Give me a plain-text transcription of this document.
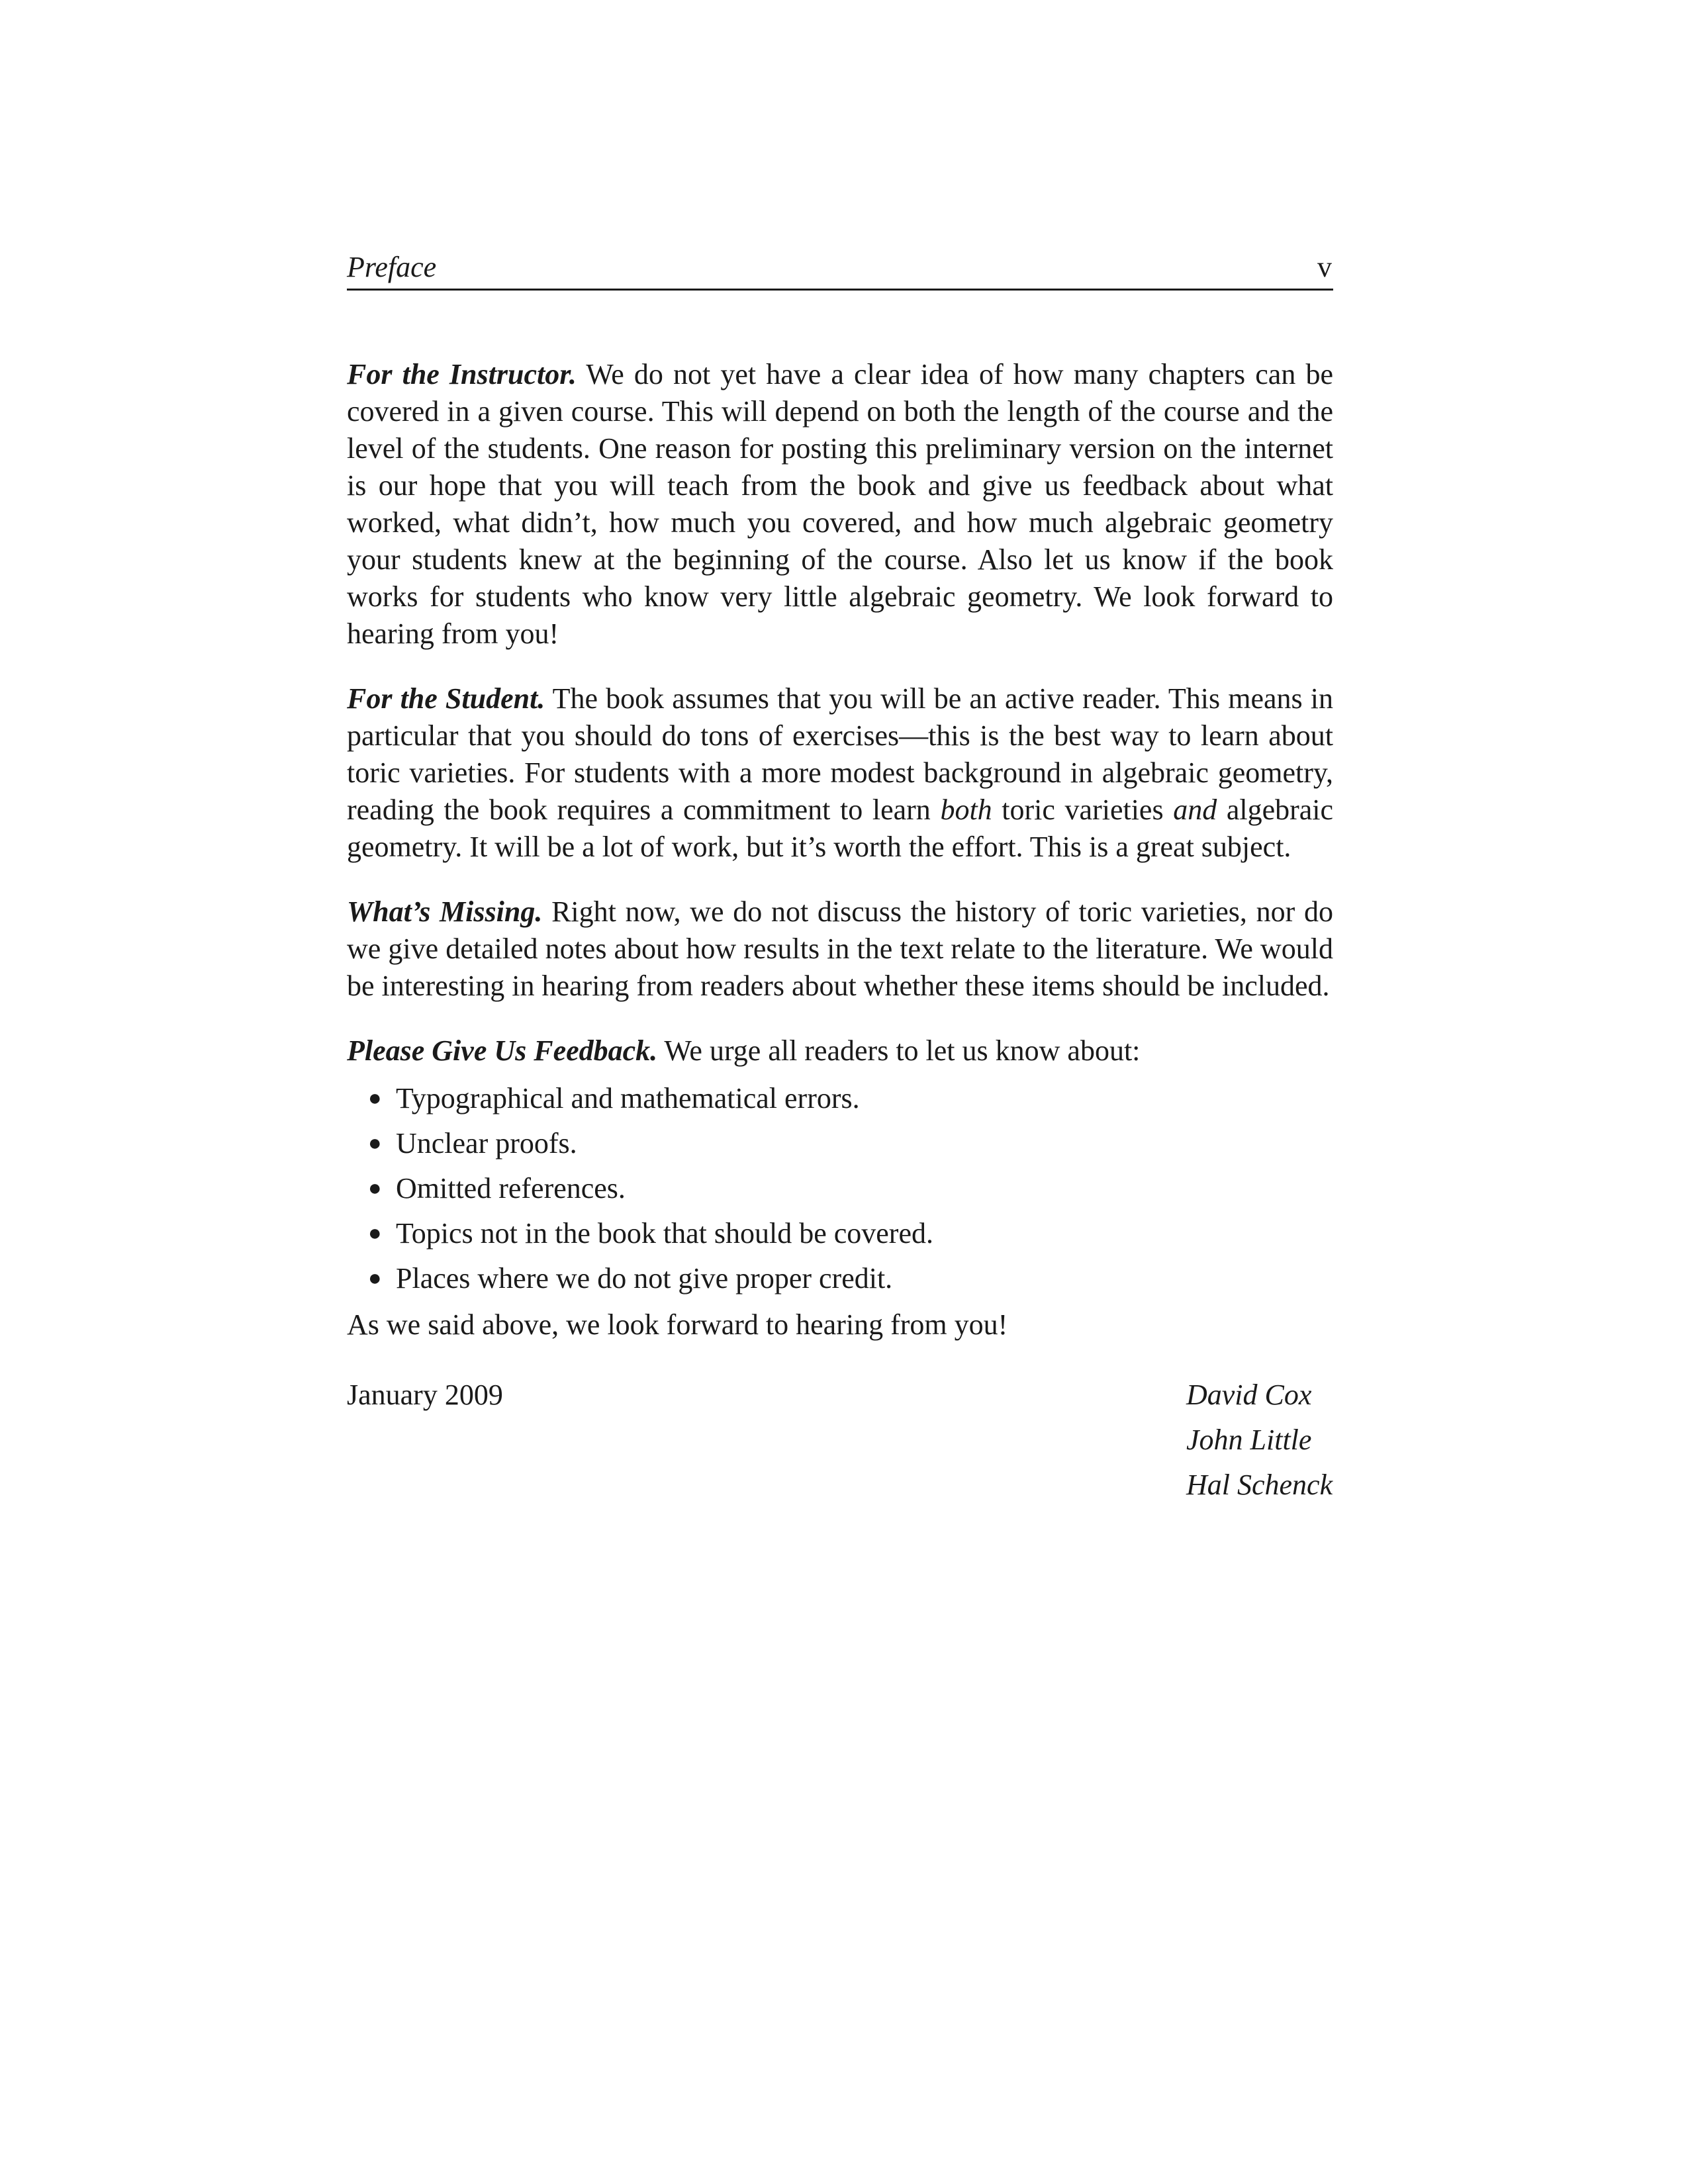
Preface	v

For the Instructor. We do not yet have a clear idea of how many chapters can be covered in a given course. This will depend on both the length of the course and the level of the students. One reason for posting this preliminary version on the internet is our hope that you will teach from the book and give us feedback about what worked, what didn’t, how much you covered, and how much algebraic geometry your students knew at the beginning of the course. Also let us know if the book works for students who know very little algebraic geometry. We look forward to hearing from you!

For the Student. The book assumes that you will be an active reader. This means in particular that you should do tons of exercises—this is the best way to learn about toric varieties. For students with a more modest background in algebraic geometry, reading the book requires a commitment to learn both toric varieties and algebraic geometry. It will be a lot of work, but it’s worth the effort. This is a great subject.

What’s Missing. Right now, we do not discuss the history of toric varieties, nor do we give detailed notes about how results in the text relate to the literature. We would be interesting in hearing from readers about whether these items should be included.

Please Give Us Feedback. We urge all readers to let us know about:

● Typographical and mathematical errors.
● Unclear proofs.
● Omitted references.
● Topics not in the book that should be covered.
● Places where we do not give proper credit.

As we said above, we look forward to hearing from you!

January 2009	David Cox
John Little
Hal Schenck
